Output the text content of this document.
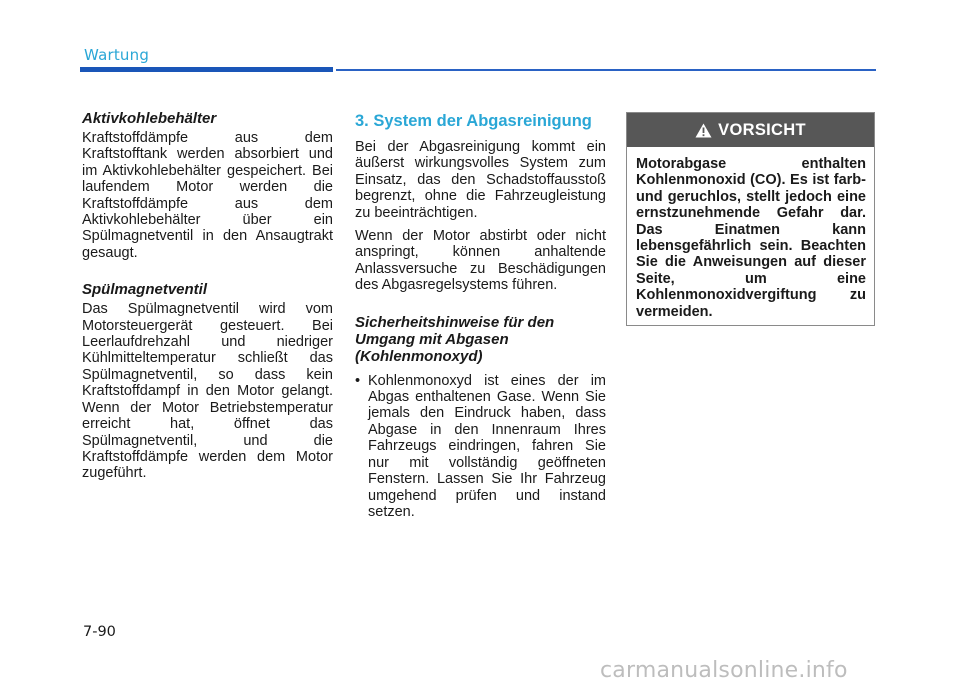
Wartung
Aktivkohlebehälter

Kraftstoffdämpfe aus dem Kraftstofftank werden absorbiert und im Aktivkohlebehälter gespeichert. Bei laufendem Motor werden die Kraftstoffdämpfe aus dem Aktivkohlebehälter über ein Spülmagnetventil in den Ansaugtrakt gesaugt.

Spülmagnetventil

Das Spülmagnetventil wird vom Motorsteuergerät gesteuert. Bei Leerlaufdrehzahl und niedriger Kühlmitteltemperatur schließt das Spülmagnetventil, so dass kein Kraftstoffdampf in den Motor gelangt. Wenn der Motor Betriebstemperatur erreicht hat, öffnet das Spülmagnetventil, und die Kraftstoffdämpfe werden dem Motor zugeführt.

3. System der Abgasreinigung

Bei der Abgasreinigung kommt ein äußerst wirkungsvolles System zum Einsatz, das den Schadstoffausstoß begrenzt, ohne die Fahrzeugleistung zu beeinträchtigen.

Wenn der Motor abstirbt oder nicht anspringt, können anhaltende Anlassversuche zu Beschädigungen des Abgasregelsystems führen.

Sicherheitshinweise für den Umgang mit Abgasen (Kohlenmonoxyd)
• Kohlenmonoxyd ist eines der im Abgas enthaltenen Gase. Wenn Sie jemals den Eindruck haben, dass Abgase in den Innenraum Ihres Fahrzeugs eindringen, fahren Sie nur mit vollständig geöffneten Fenstern. Lassen Sie Ihr Fahrzeug umgehend prüfen und instand setzen.
VORSICHT
Motorabgase enthalten Kohlenmonoxid (CO). Es ist farb- und geruchlos, stellt jedoch eine ernstzunehmende Gefahr dar. Das Einatmen kann lebensgefährlich sein. Beachten Sie die Anweisungen auf dieser Seite, um eine Kohlenmonoxidvergiftung zu vermeiden.
7-90
carmanualsonline.info
